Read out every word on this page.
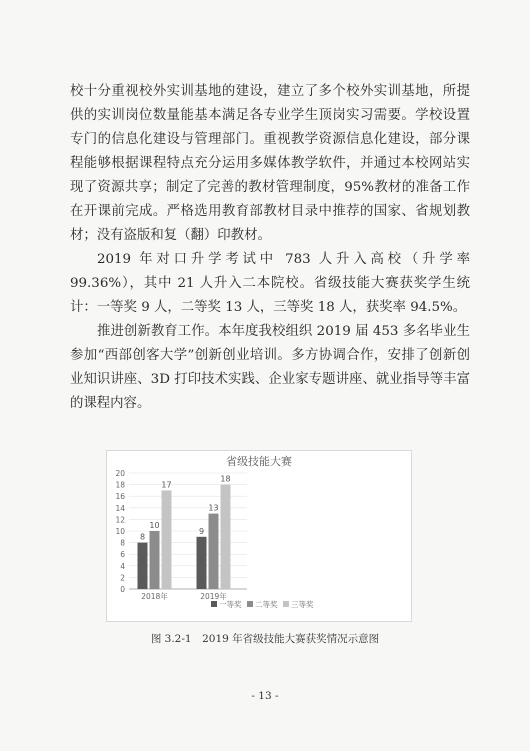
校十分重视校外实训基地的建设，建立了多个校外实训基地，所提供的实训岗位数量能基本满足各专业学生顶岗实习需要。学校设置专门的信息化建设与管理部门。重视教学资源信息化建设，部分课程能够根据课程特点充分运用多媒体教学软件，并通过本校网站实现了资源共享；制定了完善的教材管理制度，95%教材的准备工作在开课前完成。严格选用教育部教材目录中推荐的国家、省规划教材；没有盗版和复（翻）印教材。

2019 年对口升学考试中 783 人升入高校（升学率 99.36%），其中 21 人升入二本院校。省级技能大赛获奖学生统计：一等奖 9 人，二等奖 13 人，三等奖 18 人，获奖率 94.5%。

推进创新教育工作。本年度我校组织 2019 届 453 多名毕业生参加“西部创客大学”创新创业培训。多方协调合作，安排了创新创业知识讲座、3D 打印技术实践、企业家专题讲座、就业指导等丰富的课程内容。

省级技能大赛
0
2
4
6
8
10
12
14
16
18
20
8
10
17
2018年
9
13
18
2019年
一等奖 二等奖 三等奖
图 3.2-1　2019 年省级技能大赛获奖情况示意图
- 13 -
